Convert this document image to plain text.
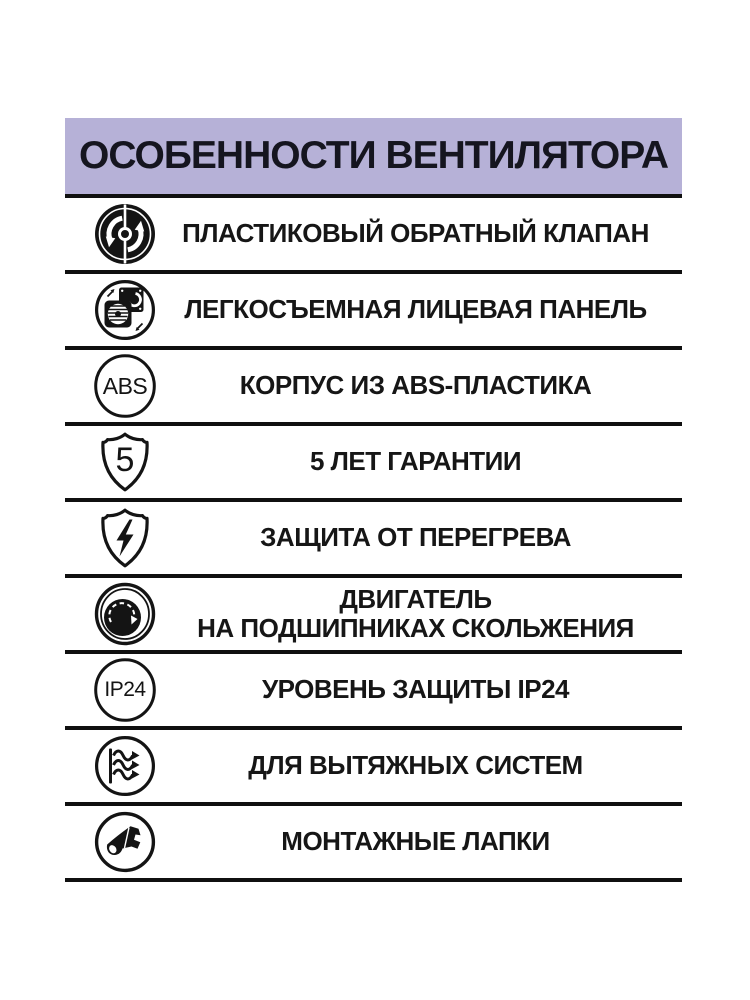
ОСОБЕННОСТИ ВЕНТИЛЯТОРА
ПЛАСТИКОВЫЙ ОБРАТНЫЙ КЛАПАН
ЛЕГКОСЪЕМНАЯ ЛИЦЕВАЯ ПАНЕЛЬ
ABS	КОРПУС ИЗ ABS-ПЛАСТИКА
5	5 ЛЕТ ГАРАНТИИ
ЗАЩИТА ОТ ПЕРЕГРЕВА
ДВИГАТЕЛЬ
НА ПОДШИПНИКАХ СКОЛЬЖЕНИЯ
IP24	УРОВЕНЬ ЗАЩИТЫ IP24
ДЛЯ ВЫТЯЖНЫХ СИСТЕМ
МОНТАЖНЫЕ ЛАПКИ
